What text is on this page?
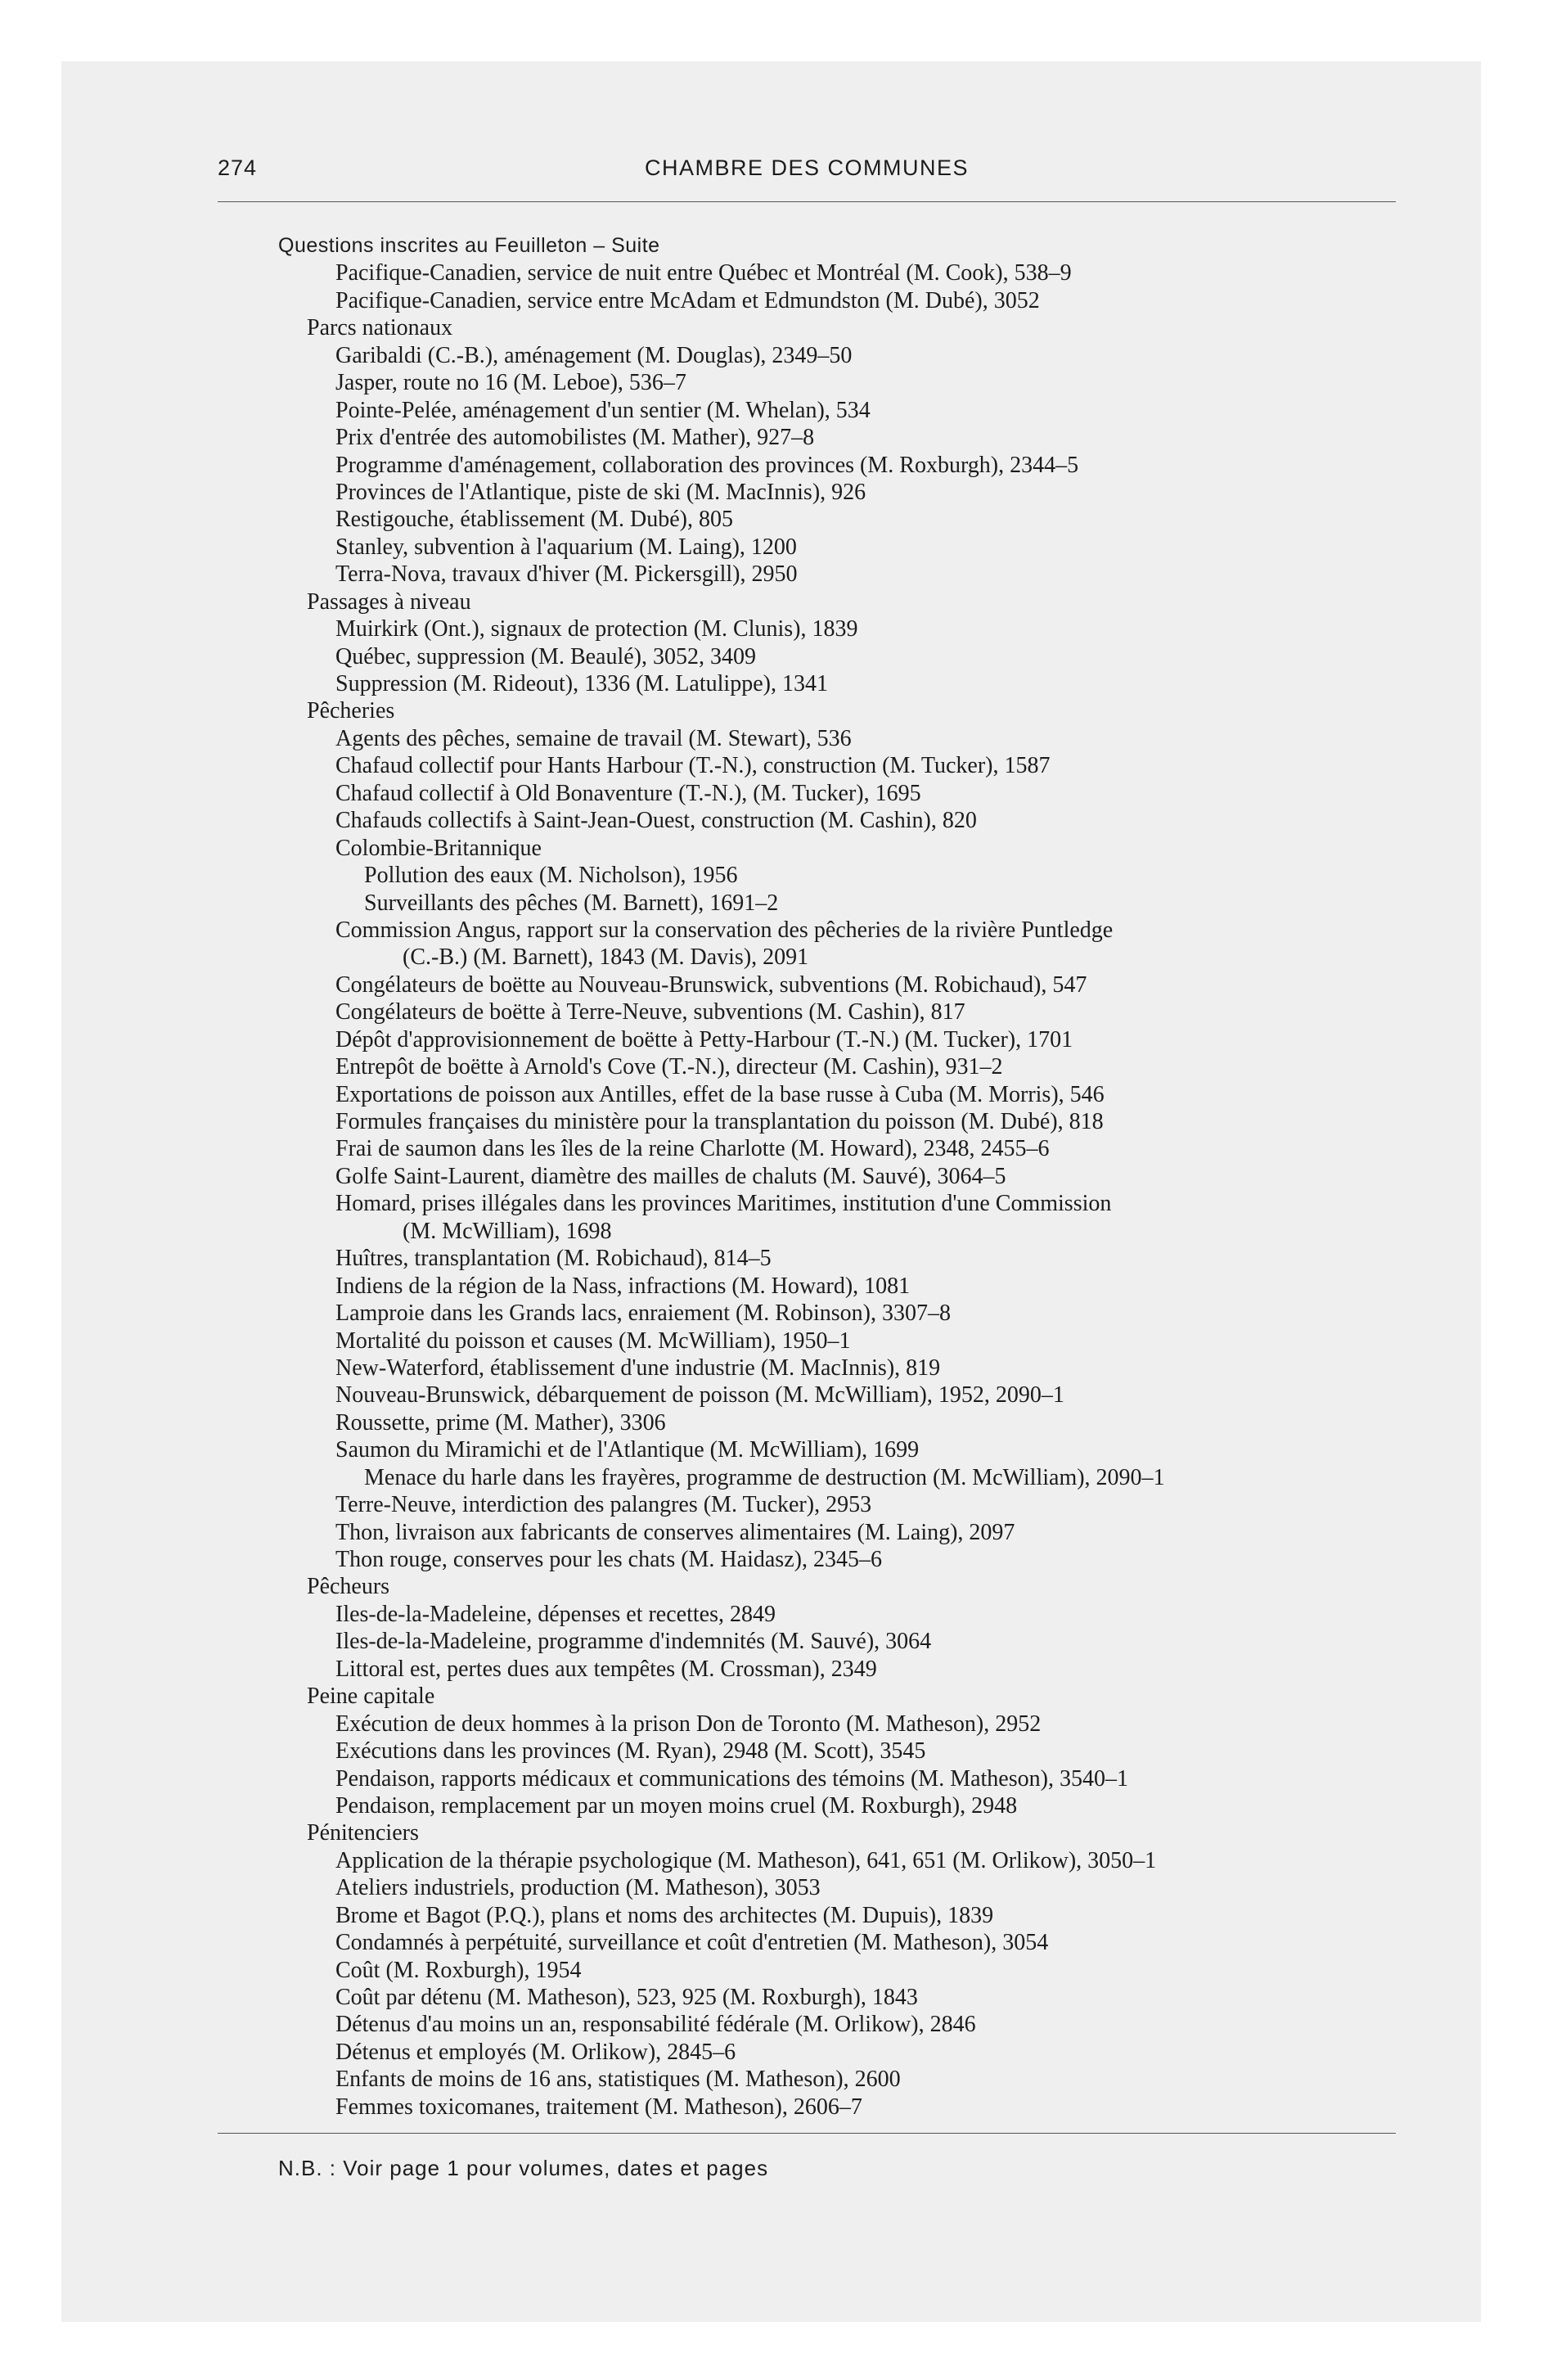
274	CHAMBRE DES COMMUNES
Questions inscrites au Feuilleton – Suite
Pacifique-Canadien, service de nuit entre Québec et Montréal (M. Cook), 538–9
Pacifique-Canadien, service entre McAdam et Edmundston (M. Dubé), 3052
Parcs nationaux
Garibaldi (C.-B.), aménagement (M. Douglas), 2349–50
Jasper, route no 16 (M. Leboe), 536–7
Pointe-Pelée, aménagement d'un sentier (M. Whelan), 534
Prix d'entrée des automobilistes (M. Mather), 927–8
Programme d'aménagement, collaboration des provinces (M. Roxburgh), 2344–5
Provinces de l'Atlantique, piste de ski (M. MacInnis), 926
Restigouche, établissement (M. Dubé), 805
Stanley, subvention à l'aquarium (M. Laing), 1200
Terra-Nova, travaux d'hiver (M. Pickersgill), 2950
Passages à niveau
Muirkirk (Ont.), signaux de protection (M. Clunis), 1839
Québec, suppression (M. Beaulé), 3052, 3409
Suppression (M. Rideout), 1336 (M. Latulippe), 1341
Pêcheries
Agents des pêches, semaine de travail (M. Stewart), 536
Chafaud collectif pour Hants Harbour (T.-N.), construction (M. Tucker), 1587
Chafaud collectif à Old Bonaventure (T.-N.), (M. Tucker), 1695
Chafauds collectifs à Saint-Jean-Ouest, construction (M. Cashin), 820
Colombie-Britannique
Pollution des eaux (M. Nicholson), 1956
Surveillants des pêches (M. Barnett), 1691–2
Commission Angus, rapport sur la conservation des pêcheries de la rivière Puntledge
(C.-B.) (M. Barnett), 1843 (M. Davis), 2091
Congélateurs de boëtte au Nouveau-Brunswick, subventions (M. Robichaud), 547
Congélateurs de boëtte à Terre-Neuve, subventions (M. Cashin), 817
Dépôt d'approvisionnement de boëtte à Petty-Harbour (T.-N.) (M. Tucker), 1701
Entrepôt de boëtte à Arnold's Cove (T.-N.), directeur (M. Cashin), 931–2
Exportations de poisson aux Antilles, effet de la base russe à Cuba (M. Morris), 546
Formules françaises du ministère pour la transplantation du poisson (M. Dubé), 818
Frai de saumon dans les îles de la reine Charlotte (M. Howard), 2348, 2455–6
Golfe Saint-Laurent, diamètre des mailles de chaluts (M. Sauvé), 3064–5
Homard, prises illégales dans les provinces Maritimes, institution d'une Commission
(M. McWilliam), 1698
Huîtres, transplantation (M. Robichaud), 814–5
Indiens de la région de la Nass, infractions (M. Howard), 1081
Lamproie dans les Grands lacs, enraiement (M. Robinson), 3307–8
Mortalité du poisson et causes (M. McWilliam), 1950–1
New-Waterford, établissement d'une industrie (M. MacInnis), 819
Nouveau-Brunswick, débarquement de poisson (M. McWilliam), 1952, 2090–1
Roussette, prime (M. Mather), 3306
Saumon du Miramichi et de l'Atlantique (M. McWilliam), 1699
Menace du harle dans les frayères, programme de destruction (M. McWilliam), 2090–1
Terre-Neuve, interdiction des palangres (M. Tucker), 2953
Thon, livraison aux fabricants de conserves alimentaires (M. Laing), 2097
Thon rouge, conserves pour les chats (M. Haidasz), 2345–6
Pêcheurs
Iles-de-la-Madeleine, dépenses et recettes, 2849
Iles-de-la-Madeleine, programme d'indemnités (M. Sauvé), 3064
Littoral est, pertes dues aux tempêtes (M. Crossman), 2349
Peine capitale
Exécution de deux hommes à la prison Don de Toronto (M. Matheson), 2952
Exécutions dans les provinces (M. Ryan), 2948 (M. Scott), 3545
Pendaison, rapports médicaux et communications des témoins (M. Matheson), 3540–1
Pendaison, remplacement par un moyen moins cruel (M. Roxburgh), 2948
Pénitenciers
Application de la thérapie psychologique (M. Matheson), 641, 651 (M. Orlikow), 3050–1
Ateliers industriels, production (M. Matheson), 3053
Brome et Bagot (P.Q.), plans et noms des architectes (M. Dupuis), 1839
Condamnés à perpétuité, surveillance et coût d'entretien (M. Matheson), 3054
Coût (M. Roxburgh), 1954
Coût par détenu (M. Matheson), 523, 925 (M. Roxburgh), 1843
Détenus d'au moins un an, responsabilité fédérale (M. Orlikow), 2846
Détenus et employés (M. Orlikow), 2845–6
Enfants de moins de 16 ans, statistiques (M. Matheson), 2600
Femmes toxicomanes, traitement (M. Matheson), 2606–7
N.B. : Voir page 1 pour volumes, dates et pages
